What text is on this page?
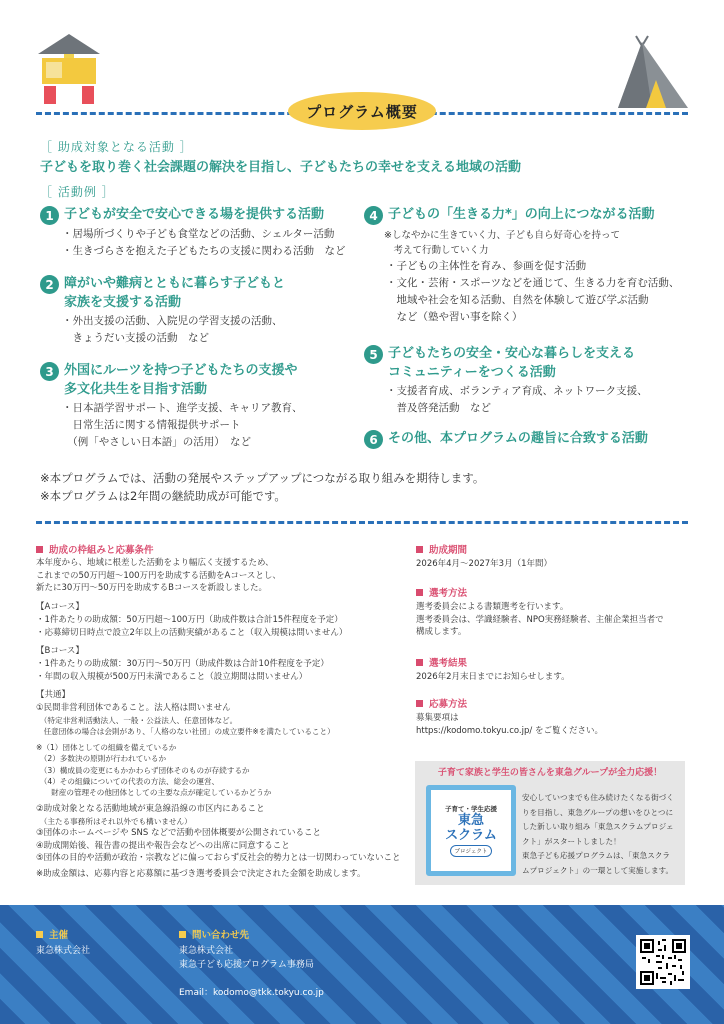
プログラム概要
［ 助成対象となる活動 ］
子どもを取り巻く社会課題の解決を目指し、子どもたちの幸せを支える地域の活動
［ 活動例 ］
1 子どもが安全で安心できる場を提供する活動
・居場所づくりや子ども食堂などの活動、シェルター活動
・生きづらさを抱えた子どもたちの支援に関わる活動　など
2 障がいや難病とともに暮らす子どもと
家族を支援する活動
・外出支援の活動、入院児の学習支援の活動、
　きょうだい支援の活動　など
3 外国にルーツを持つ子どもたちの支援や
多文化共生を目指す活動
・日本語学習サポート、進学支援、キャリア教育、
　日常生活に関する情報提供サポート
　（例「やさしい日本語」の活用）　など
4 子どもの「生きる力*」の向上につながる活動
※しなやかに生きていく力、子ども自ら好奇心を持って
　考えて行動していく力
・子どもの主体性を育み、参画を促す活動
・文化・芸術・スポーツなどを通じて、生きる力を育む活動、
　地域や社会を知る活動、自然を体験して遊び学ぶ活動
　など（塾や習い事を除く）
5 子どもたちの安全・安心な暮らしを支える
コミュニティーをつくる活動
・支援者育成、ボランティア育成、ネットワーク支援、
　普及啓発活動　など
6 その他、本プログラムの趣旨に合致する活動
※本プログラムでは、活動の発展やステップアップにつながる取り組みを期待します。
※本プログラムは2年間の継続助成が可能です。
助成の枠組みと応募条件
本年度から、地域に根差した活動をより幅広く支援するため、
これまでの50万円超～100万円を助成する活動をAコースとし、
新たに30万円～50万円を助成するBコースを新設しました。
【Aコース】
・1件あたりの助成額：50万円超～100万円（助成件数は合計15件程度を予定）
・応募締切日時点で設立2年以上の活動実績があること（収入規模は問いません）
【Bコース】
・1件あたりの助成額：30万円～50万円（助成件数は合計10件程度を予定）
・年間の収入規模が500万円未満であること（設立期間は問いません）
【共通】
①民間非営利団体であること。法人格は問いません
　（特定非営利活動法人、一般・公益法人、任意団体など。
　任意団体の場合は会則があり、「人格のない社団」の成立要件※を満たしていること）
※（1）団体としての組織を備えているか
　（2）多数決の原則が行われているか
　（3）構成員の変更にもかかわらず団体そのものが存続するか
　（4）その組織についての代表の方法、総会の運営、
　　財産の管理その他団体としての主要な点が確定しているかどうか
②助成対象となる活動地域が東急線沿線の市区内にあること
　（主たる事務所はそれ以外でも構いません）
③団体のホームページや SNS などで活動や団体概要が公開されていること
④助成開始後、報告書の提出や報告会などへの出席に同意すること
⑤団体の目的や活動が政治・宗教などに偏っておらず反社会的勢力とは一切関わっていないこと
※助成金額は、応募内容と応募額に基づき選考委員会で決定された金額を助成します。
助成期間
2026年4月～2027年3月（1年間）
選考方法
選考委員会による書類選考を行います。
選考委員会は、学識経験者、NPO実務経験者、主催企業担当者で
構成します。
選考結果
2026年2月末日までにお知らせします。
応募方法
募集要項は
https://kodomo.tokyu.co.jp/ をご覧ください。
子育て家族と学生の皆さんを東急グループが全力応援！
子育て・学生応援
東急
スクラム
プロジェクト
安心していつまでも住み続けたくなる街づく
りを目指し、東急グループの想いをひとつに
した新しい取り組み「東急スクラムプロジェ
クト」がスタートしました！
東急子ども応援プログラムは、「東急スクラ
ムプロジェクト」の一環として実施します。
主催
東急株式会社
問い合わせ先
東急株式会社
東急子ども応援プログラム事務局
Email：kodomo@tkk.tokyu.co.jp
